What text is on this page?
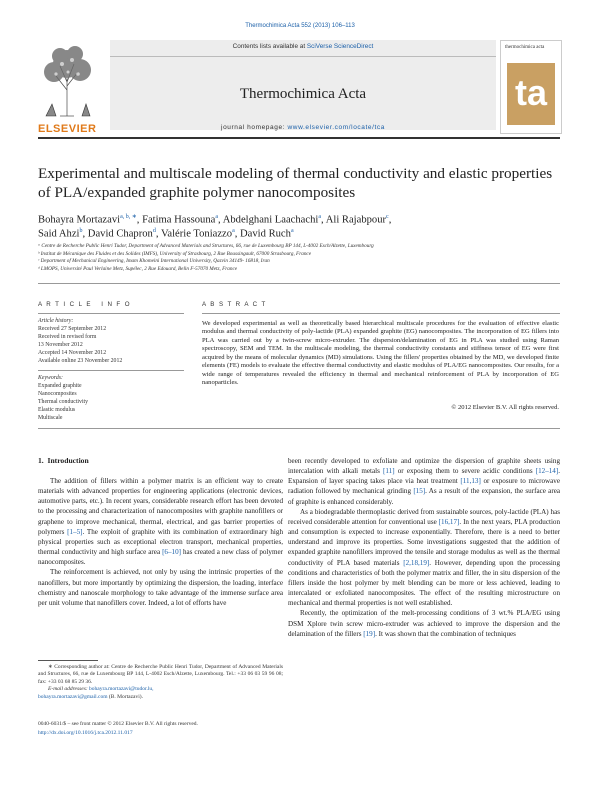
Thermochimica Acta 552 (2013) 106–113
ELSEVIER
Contents lists available at SciVerse ScienceDirect
Thermochimica Acta
journal homepage: www.elsevier.com/locate/tca
thermochimica acta
ta
Experimental and multiscale modeling of thermal conductivity and elastic properties of PLA/expanded graphite polymer nanocomposites
Bohayra Mortazavi$^{a, b, ∗}$, Fatima Hassouna$^a$, Abdelghani Laachachi$^a$, Ali Rajabpour$^c$,
Said Ahzi$^b$, David Chapron$^d$, Valérie Toniazzo$^a$, David Ruch$^a$
ᵃ Centre de Recherche Public Henri Tudor, Department of Advanced Materials and Structures, 66, rue de Luxembourg BP 144, L-4002 Esch/Alzette, Luxembourg
ᵇ Institut de Mécanique des Fluides et des Solides (IMFS), University of Strasbourg, 2 Rue Boussingault, 67000 Strasbourg, France
ᶜ Department of Mechanical Engineering, Imam Khomeini International University, Qazvin 34149- 16818, Iran
ᵈ LMOPS, Université Paul Verlaine Metz, Supélec, 2 Rue Edouard, Belin F-57070 Metz, France
A R T I C L E   I N F O
Article history:
Received 27 September 2012
Received in revised form
13 November 2012
Accepted 14 November 2012
Available online 23 November 2012
Keywords:
Expanded graphite
Nanocomposites
Thermal conductivity
Elastic modulus
Multiscale
A B S T R A C T
We developed experimental as well as theoretically based hierarchical multiscale procedures for the evaluation of effective elastic modulus and thermal conductivity of poly-lactide (PLA) expanded graphite (EG) nanocomposites. The incorporation of EG fillers into PLA was carried out by a twin-screw micro-extruder. The dispersion/delamination of EG in PLA was studied using Raman spectroscopy, SEM and TEM. In the multiscale modeling, the thermal conductivity constants and stiffness tensor of EG were first acquired by the means of molecular dynamics (MD) simulations. Using the fillers' properties obtained by the MD, we developed finite elements (FE) models to evaluate the effective thermal conductivity and elastic modulus of PLA/EG nanocomposites. Our results, for a wide range of temperatures revealed the efficiency in thermal and mechanical reinforcement of PLA by incorporation of EG nanoparticles.
© 2012 Elsevier B.V. All rights reserved.
1.  Introduction

The addition of fillers within a polymer matrix is an efficient way to create materials with advanced properties for engineering applications (electronic devices, automotive parts, etc.). In recent years, considerable research effort has been devoted to the processing and characterization of nanocomposites with graphite nanofillers or graphene to improve mechanical, thermal, electrical, and gas barrier properties of polymers [1–5]. The exploit of graphite with its combination of extraordinary high physical properties such as exceptional electron transport, mechanical properties, thermal conductivity and high surface area [6–10] has created a new class of polymer nanocomposites.

The reinforcement is achieved, not only by using the intrinsic properties of the nanofillers, but more importantly by optimizing the dispersion, the loading, interface chemistry and nanoscale morphology to take advantage of the immense surface area per unit volume that nanofillers cover. Indeed, a lot of efforts have

∗ Corresponding author at: Centre de Recherche Public Henri Tudor, Department of Advanced Materials and Structures, 66, rue de Luxembourg BP 144, L-4002 Esch/Alzette, Luxembourg. Tel.: +33 06 03 59 96 08; fax: +33 03 68 85 29 36.
E-mail addresses: bohayra.mortazavi@tudor.lu,
bohayra.mortazavi@gmail.com (B. Mortazavi).
0040-6031/$ – see front matter © 2012 Elsevier B.V. All rights reserved.
http://dx.doi.org/10.1016/j.tca.2012.11.017

been recently developed to exfoliate and optimize the dispersion of graphite sheets using intercalation with alkali metals [11] or exposing them to severe acidic conditions [12–14]. Expansion of layer spacing takes place via heat treatment [11,13] or exposure to microwave radiation followed by mechanical grinding [15]. As a result of the expansion, the surface area of graphite is enhanced considerably.

As a biodegradable thermoplastic derived from sustainable sources, poly-lactide (PLA) has received considerable attention for conventional use [16,17]. In the next years, PLA production and consumption is expected to increase exponentially. Therefore, there is a need to better understand and improve its properties. Some investigations suggested that the addition of expanded graphite nanofillers improved the tensile and storage modulus as well as the thermal conductivity of PLA based materials [2,18,19]. However, depending upon the processing conditions and characteristics of both the polymer matrix and filler, the in situ dispersion of the fillers inside the host polymer by melt blending can be more or less achieved, leading to intercalated or exfoliated nanocomposites. The effect of the resulting microstructure on mechanical and thermal properties is not well established.

Recently, the optimization of the melt-processing conditions of 3 wt.% PLA/EG using DSM Xplore twin screw micro-extruder was achieved to improve the dispersion and the delamination of the fillers [19]. It was shown that the combination of techniques
